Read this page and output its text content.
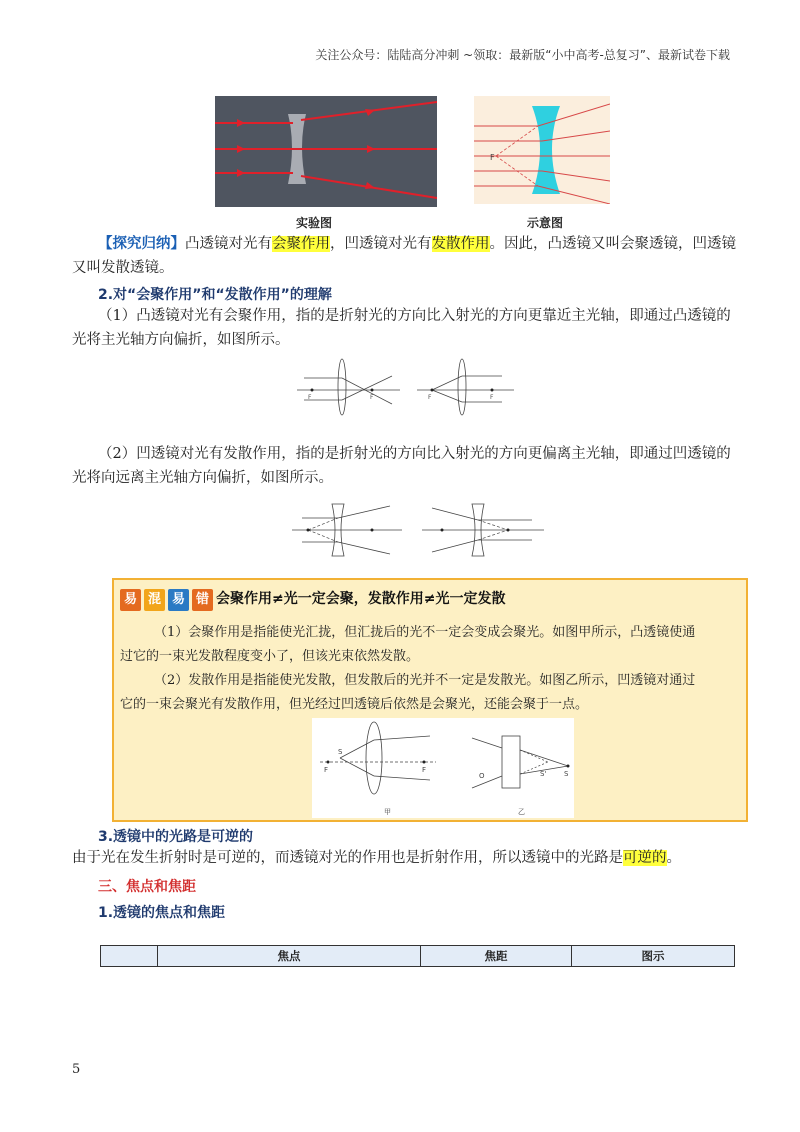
关注公众号：陆陆高分冲刺 ~领取：最新版“小中高考-总复习”、最新试卷下载
F
实验图	示意图
【探究归纳】凸透镜对光有会聚作用，凹透镜对光有发散作用。因此，凸透镜又叫会聚透镜，凹透镜
又叫发散透镜。
2.对“会聚作用”和“发散作用”的理解
（1）凸透镜对光有会聚作用，指的是折射光的方向比入射光的方向更靠近主光轴，即通过凸透镜的
光将主光轴方向偏折，如图所示。
F	F	F	F
（2）凹透镜对光有发散作用，指的是折射光的方向比入射光的方向更偏离主光轴，即通过凹透镜的
光将向远离主光轴方向偏折，如图所示。
易 混 易 错 会聚作用≠光一定会聚，发散作用≠光一定发散
（1）会聚作用是指能使光汇拢，但汇拢后的光不一定会变成会聚光。如图甲所示，凸透镜使通
过它的一束光发散程度变小了，但该光束依然发散。
（2）发散作用是指能使光发散，但发散后的光并不一定是发散光。如图乙所示，凹透镜对通过
它的一束会聚光有发散作用，但光经过凹透镜后依然是会聚光，还能会聚于一点。
F	F
S
O	S'	S
甲	乙
3.透镜中的光路是可逆的
由于光在发生折射时是可逆的，而透镜对光的作用也是折射作用，所以透镜中的光路是可逆的。
三、焦点和焦距
1.透镜的焦点和焦距
	焦点	焦距	图示
5
